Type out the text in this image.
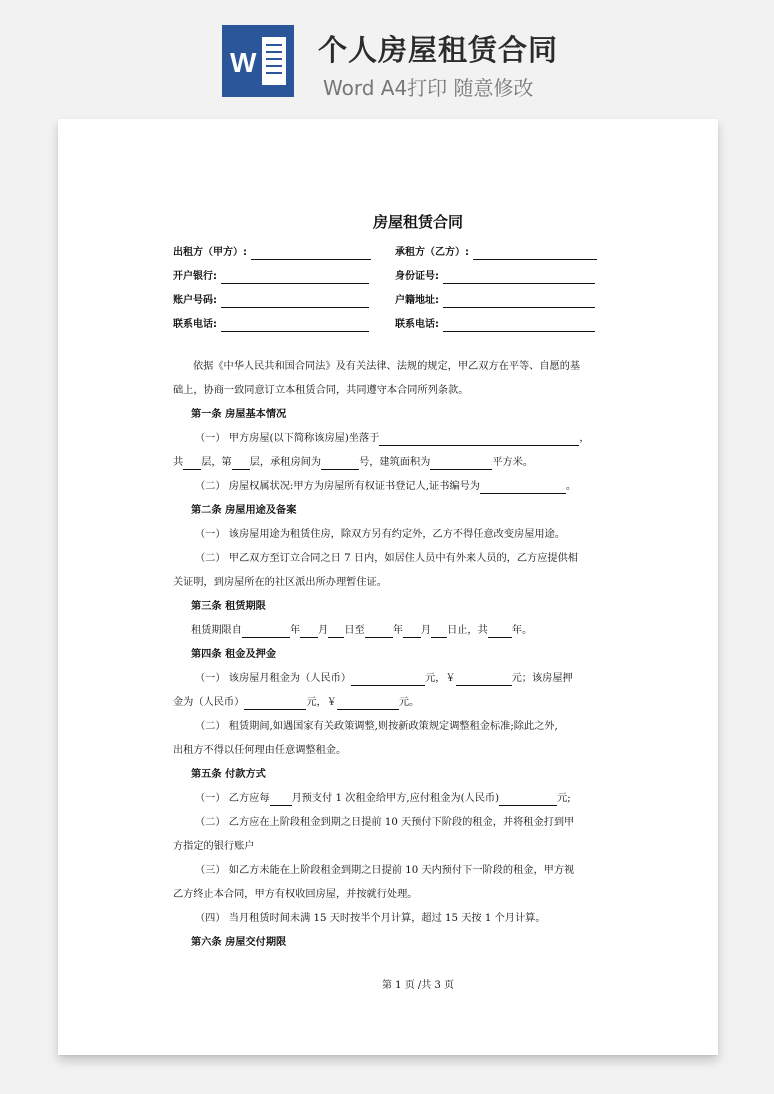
W 个人房屋租赁合同
Word A4打印 随意修改
房屋租赁合同
出租方（甲方）:	承租方（乙方）:
开户银行:	身份证号:
账户号码:	户籍地址:
联系电话:	联系电话:
依据《中华人民共和国合同法》及有关法律、法规的规定，甲乙双方在平等、自愿的基
础上，协商一致同意订立本租赁合同，共同遵守本合同所列条款。
第一条 房屋基本情况
（一） 甲方房屋(以下简称该房屋)坐落于	，
共 层，第 层，承租房间为	号，建筑面积为	平方米。
（二） 房屋权属状况:甲方为房屋所有权证书登记人,证书编号为	。
第二条 房屋用途及备案
（一） 该房屋用途为租赁住房，除双方另有约定外，乙方不得任意改变房屋用途。
（二） 甲乙双方至订立合同之日 7 日内，如居住人员中有外来人员的，乙方应提供相
关证明，到房屋所在的社区派出所办理暂住证。
第三条 租赁期限
租赁期限自	年 月 日至	年 月 日止，共 年。
第四条 租金及押金
（一） 该房屋月租金为（人民币）	元，￥	元；该房屋押
金为（人民币）	元，￥	元。
（二） 租赁期间,如遇国家有关政策调整,则按新政策规定调整租金标准;除此之外,
出租方不得以任何理由任意调整租金。
第五条 付款方式
（一） 乙方应每 月预支付 1 次租金给甲方,应付租金为(人民币)	元;
（二） 乙方应在上阶段租金到期之日提前 10 天预付下阶段的租金，并将租金打到甲
方指定的银行账户
（三） 如乙方未能在上阶段租金到期之日提前 10 天内预付下一阶段的租金，甲方视
乙方终止本合同，甲方有权收回房屋，并按就行处理。
（四） 当月租赁时间未满 15 天时按半个月计算，超过 15 天按 1 个月计算。
第六条 房屋交付期限
第 1 页 /共 3 页
